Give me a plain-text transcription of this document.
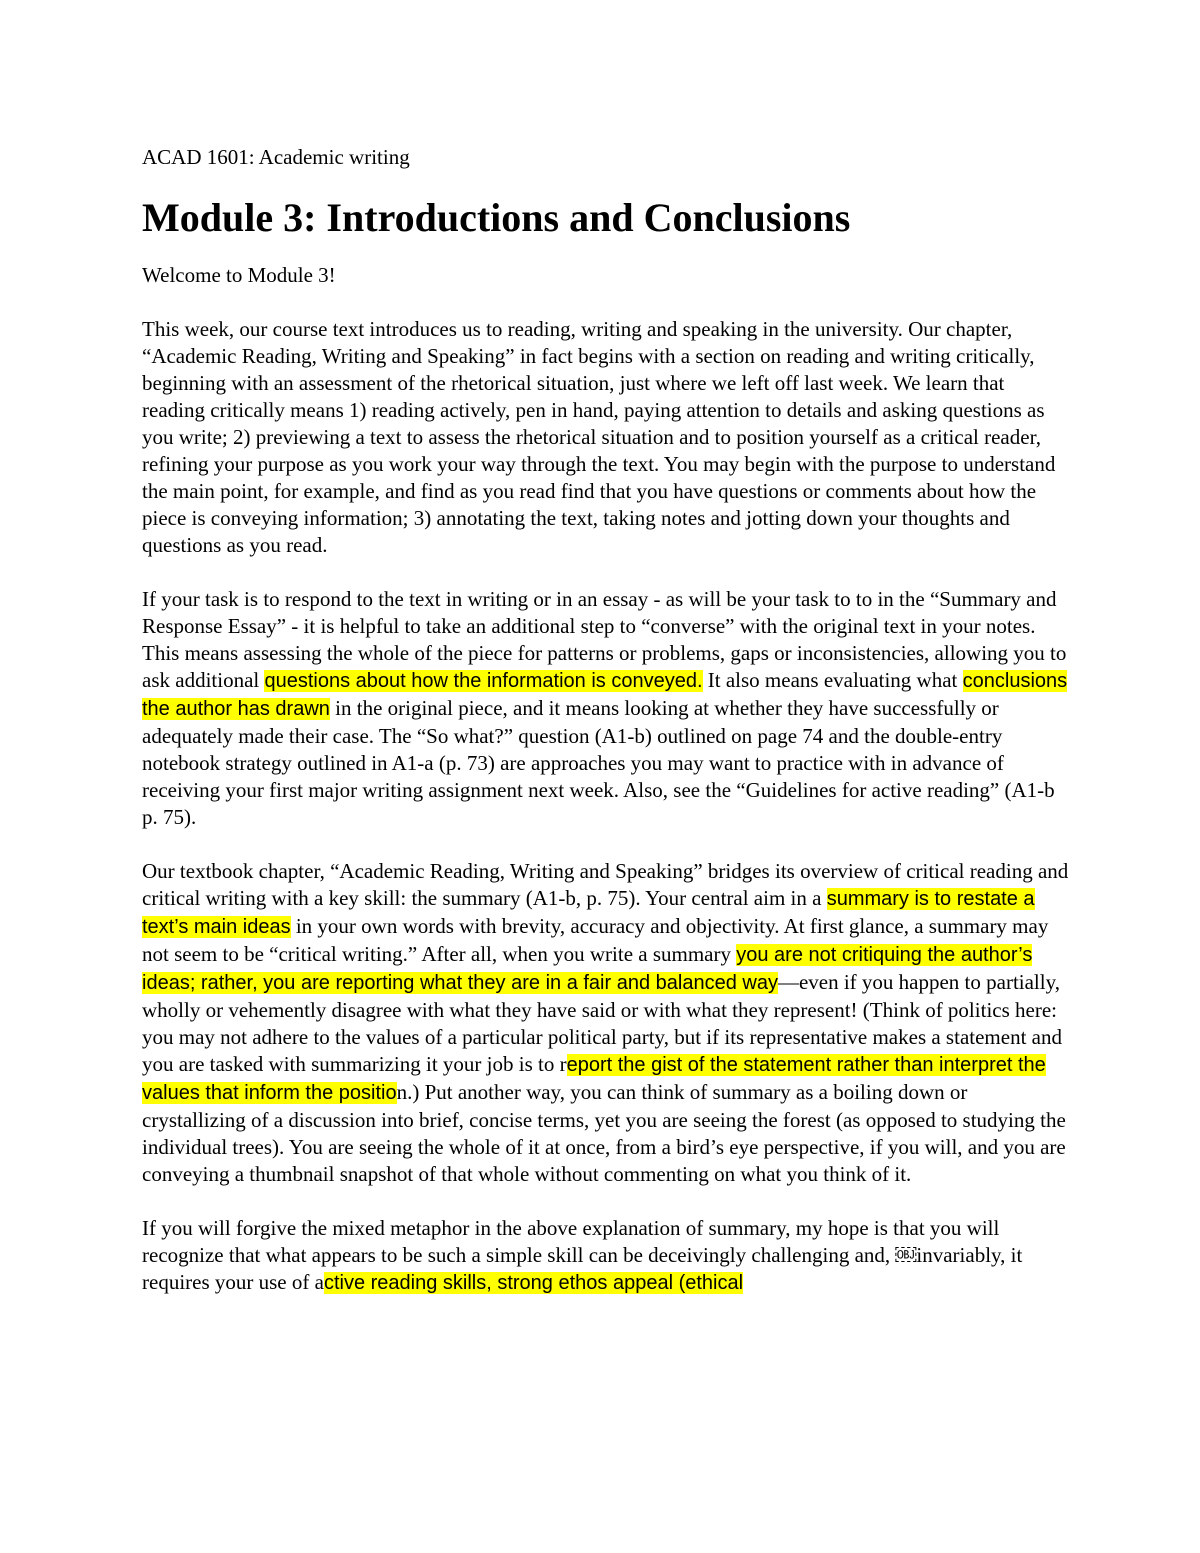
ACAD 1601: Academic writing
Module 3: Introductions and Conclusions

Welcome to Module 3!

This week, our course text introduces us to reading, writing and speaking in the university. Our chapter, “Academic Reading, Writing and Speaking” in fact begins with a section on reading and writing critically, beginning with an assessment of the rhetorical situation, just where we left off last week. We learn that reading critically means 1) reading actively, pen in hand, paying attention to details and asking questions as you write; 2) previewing a text to assess the rhetorical situation and to position yourself as a critical reader, refining your purpose as you work your way through the text. You may begin with the purpose to understand the main point, for example, and find as you read find that you have questions or comments about how the piece is conveying information; 3) annotating the text, taking notes and jotting down your thoughts and questions as you read.

If your task is to respond to the text in writing or in an essay - as will be your task to to in the “Summary and Response Essay” - it is helpful to take an additional step to “converse” with the original text in your notes. This means assessing the whole of the piece for patterns or problems, gaps or inconsistencies, allowing you to ask additional questions about how the information is conveyed. It also means evaluating what conclusions the author has drawn in the original piece, and it means looking at whether they have successfully or adequately made their case. The “So what?” question (A1-b) outlined on page 74 and the double-entry notebook strategy outlined in A1-a (p. 73) are approaches you may want to practice with in advance of receiving your first major writing assignment next week. Also, see the “Guidelines for active reading” (A1-b p. 75).

Our textbook chapter, “Academic Reading, Writing and Speaking” bridges its overview of critical reading and critical writing with a key skill: the summary (A1-b, p. 75). Your central aim in a summary is to restate a text’s main ideas in your own words with brevity, accuracy and objectivity. At first glance, a summary may not seem to be “critical writing.” After all, when you write a summary you are not critiquing the author’s ideas; rather, you are reporting what they are in a fair and balanced way—even if you happen to partially, wholly or vehemently disagree with what they have said or with what they represent! (Think of politics here: you may not adhere to the values of a particular political party, but if its representative makes a statement and you are tasked with summarizing it your job is to report the gist of the statement rather than interpret the values that inform the position.) Put another way, you can think of summary as a boiling down or crystallizing of a discussion into brief, concise terms, yet you are seeing the forest (as opposed to studying the individual trees). You are seeing the whole of it at once, from a bird’s eye perspective, if you will, and you are conveying a thumbnail snapshot of that whole without commenting on what you think of it.

If you will forgive the mixed metaphor in the above explanation of summary, my hope is that you will recognize that what appears to be such a simple skill can be deceivingly challenging and, ￼invariably, it requires your use of active reading skills, strong ethos appeal (ethical
